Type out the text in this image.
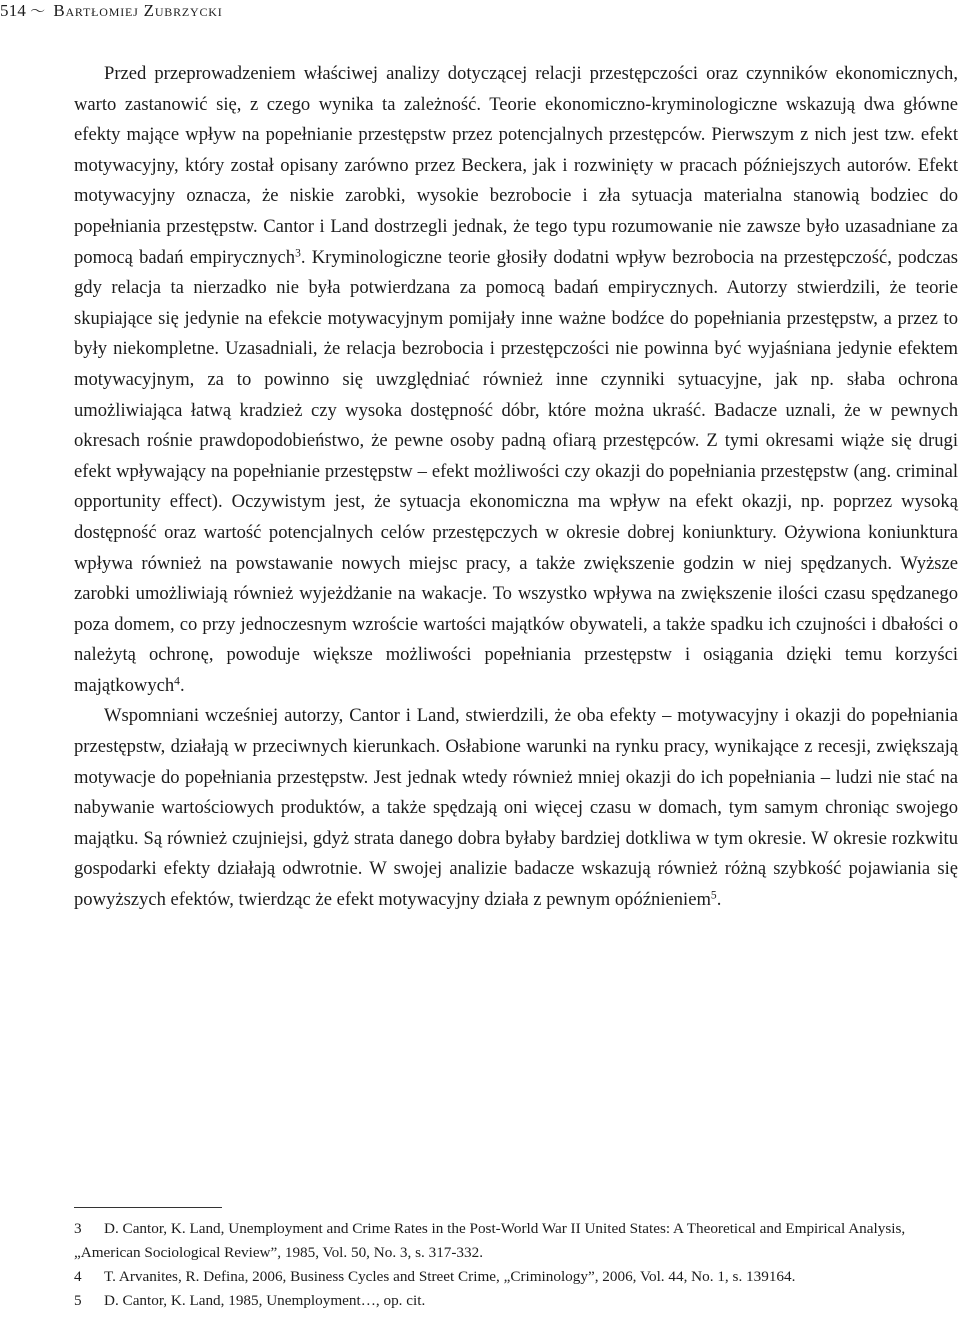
514 〜 Bartłomiej Zubrzycki

Przed przeprowadzeniem właściwej analizy dotyczącej relacji przestępczości oraz czynników ekonomicznych, warto zastanowić się, z czego wynika ta zależność. Teorie ekonomiczno-kryminologiczne wskazują dwa główne efekty mające wpływ na popełnianie przestępstw przez potencjalnych przestępców. Pierwszym z nich jest tzw. efekt motywacyjny, który został opisany zarówno przez Beckera, jak i rozwinięty w pracach późniejszych autorów. Efekt motywacyjny oznacza, że niskie zarobki, wysokie bezrobocie i zła sytuacja materialna stanowią bodziec do popełniania przestępstw. Cantor i Land dostrzegli jednak, że tego typu rozumowanie nie zawsze było uzasadniane za pomocą badań empirycznych$^3$. Kryminologiczne teorie głosiły dodatni wpływ bezrobocia na przestępczość, podczas gdy relacja ta nierzadko nie była potwierdzana za pomocą badań empirycznych. Autorzy stwierdzili, że teorie skupiające się jedynie na efekcie motywacyjnym pomijały inne ważne bodźce do popełniania przestępstw, a przez to były niekompletne. Uzasadniali, że relacja bezrobocia i przestępczości nie powinna być wyjaśniana jedynie efektem motywacyjnym, za to powinno się uwzględniać również inne czynniki sytuacyjne, jak np. słaba ochrona umożliwiająca łatwą kradzież czy wysoka dostępność dóbr, które można ukraść. Badacze uznali, że w pewnych okresach rośnie prawdopodobieństwo, że pewne osoby padną ofiarą przestępców. Z tymi okresami wiąże się drugi efekt wpływający na popełnianie przestępstw – efekt możliwości czy okazji do popełniania przestępstw (ang. criminal opportunity effect). Oczywistym jest, że sytuacja ekonomiczna ma wpływ na efekt okazji, np. poprzez wysoką dostępność oraz wartość potencjalnych celów przestępczych w okresie dobrej koniunktury. Ożywiona koniunktura wpływa również na powstawanie nowych miejsc pracy, a także zwiększenie godzin w niej spędzanych. Wyższe zarobki umożliwiają również wyjeżdżanie na wakacje. To wszystko wpływa na zwiększenie ilości czasu spędzanego poza domem, co przy jednoczesnym wzroście wartości majątków obywateli, a także spadku ich czujności i dbałości o należytą ochronę, powoduje większe możliwości popełniania przestępstw i osiągania dzięki temu korzyści majątkowych$^4$.

Wspomniani wcześniej autorzy, Cantor i Land, stwierdzili, że oba efekty – motywacyjny i okazji do popełniania przestępstw, działają w przeciwnych kierunkach. Osłabione warunki na rynku pracy, wynikające z recesji, zwiększają motywacje do popełniania przestępstw. Jest jednak wtedy również mniej okazji do ich popełniania – ludzi nie stać na nabywanie wartościowych produktów, a także spędzają oni więcej czasu w domach, tym samym chroniąc swojego majątku. Są również czujniejsi, gdyż strata danego dobra byłaby bardziej dotkliwa w tym okresie. W okresie rozkwitu gospodarki efekty działają odwrotnie. W swojej analizie badacze wskazują również różną szybkość pojawiania się powyższych efektów, twierdząc że efekt motywacyjny działa z pewnym opóźnieniem$^5$.

3 D. Cantor, K. Land, Unemployment and Crime Rates in the Post-World War II United States: A Theoretical and Empirical Analysis, „American Sociological Review”, 1985, Vol. 50, No. 3, s. 317-332.

4 T. Arvanites, R. Defina, 2006, Business Cycles and Street Crime, „Criminology”, 2006, Vol. 44, No. 1, s. 139164.

5 D. Cantor, K. Land, 1985, Unemployment…, op. cit.
